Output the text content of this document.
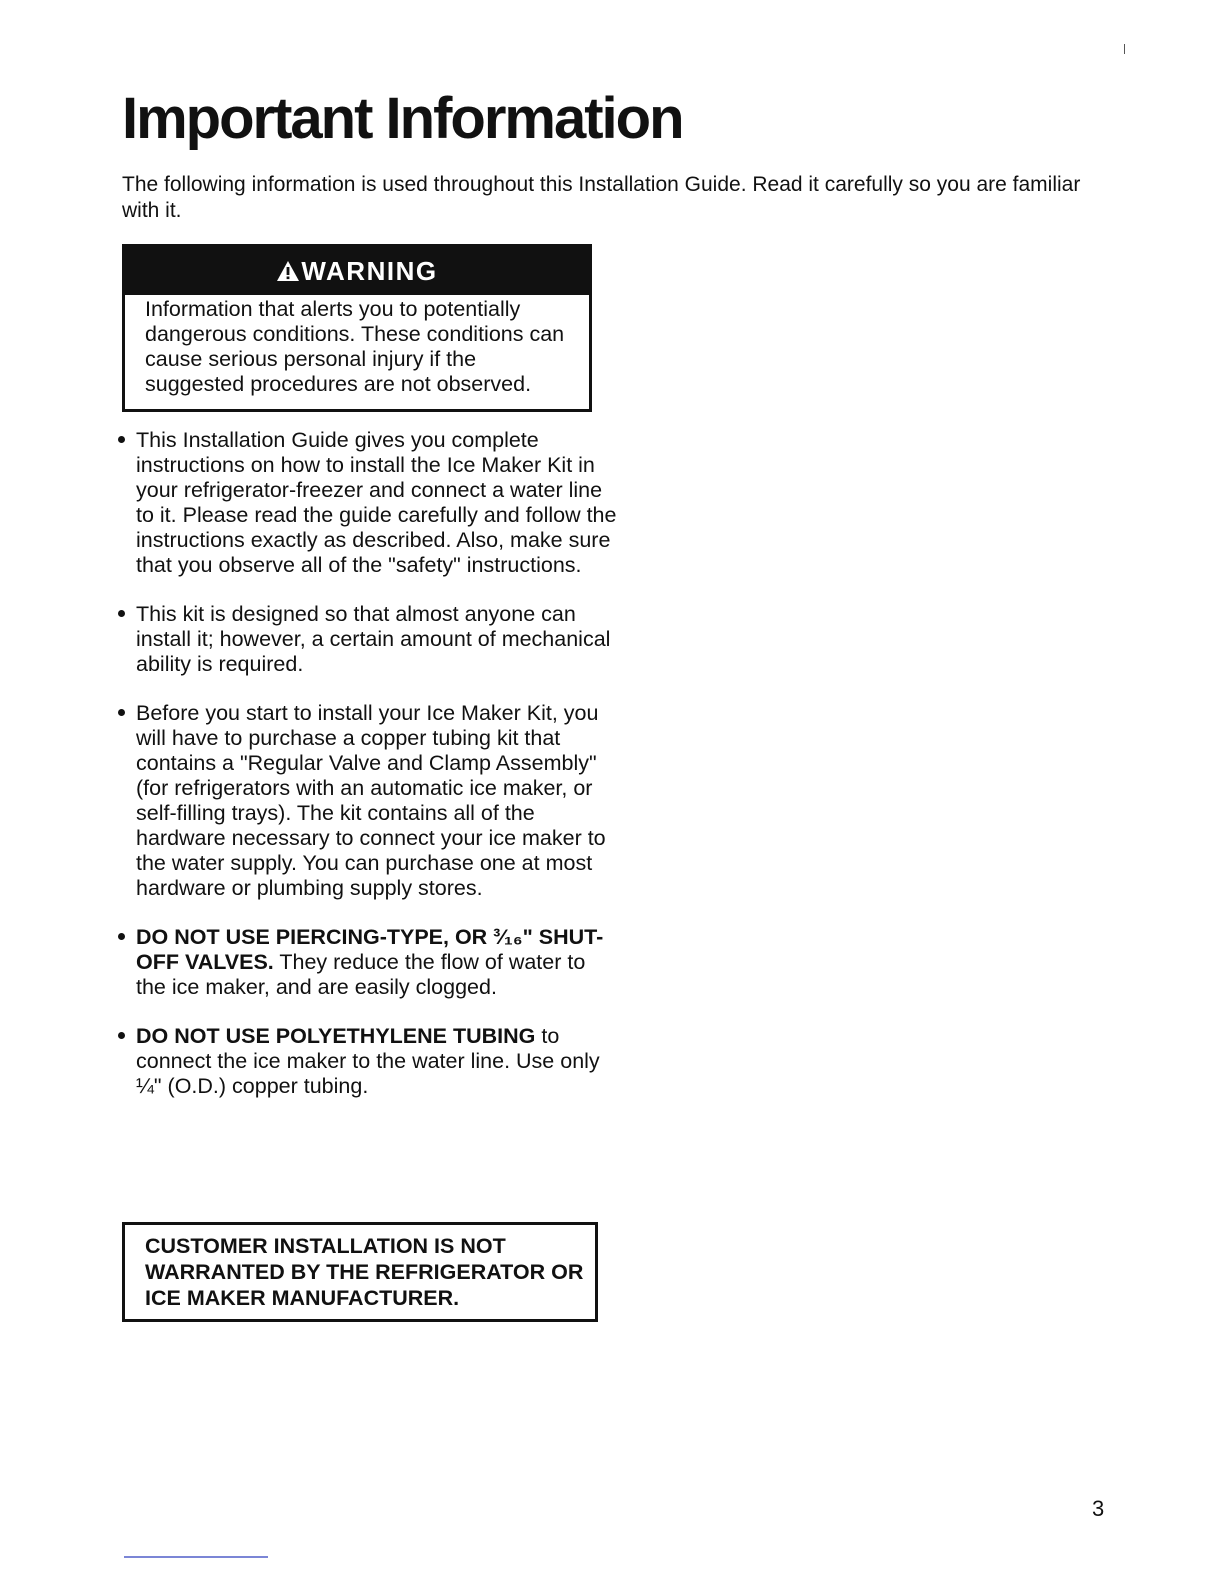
Important Information

The following information is used throughout this Installation Guide. Read it carefully so you are familiar with it.

WARNING

Information that alerts you to potentially dangerous conditions. These conditions can cause serious personal injury if the suggested procedures are not observed.

This Installation Guide gives you complete instructions on how to install the Ice Maker Kit in your refrigerator-freezer and connect a water line to it. Please read the guide carefully and follow the instructions exactly as described. Also, make sure that you observe all of the "safety" instructions.
This kit is designed so that almost anyone can install it; however, a certain amount of mechanical ability is required.
Before you start to install your Ice Maker Kit, you will have to purchase a copper tubing kit that contains a "Regular Valve and Clamp Assembly" (for refrigerators with an automatic ice maker, or self-filling trays). The kit contains all of the hardware necessary to connect your ice maker to the water supply. You can purchase one at most hardware or plumbing supply stores.
DO NOT USE PIERCING-TYPE, OR ³⁄₁₆" SHUT-OFF VALVES. They reduce the flow of water to the ice maker, and are easily clogged.
DO NOT USE POLYETHYLENE TUBING to connect the ice maker to the water line. Use only ¼" (O.D.) copper tubing.
CUSTOMER INSTALLATION IS NOT WARRANTED BY THE REFRIGERATOR OR ICE MAKER MANUFACTURER.
3
